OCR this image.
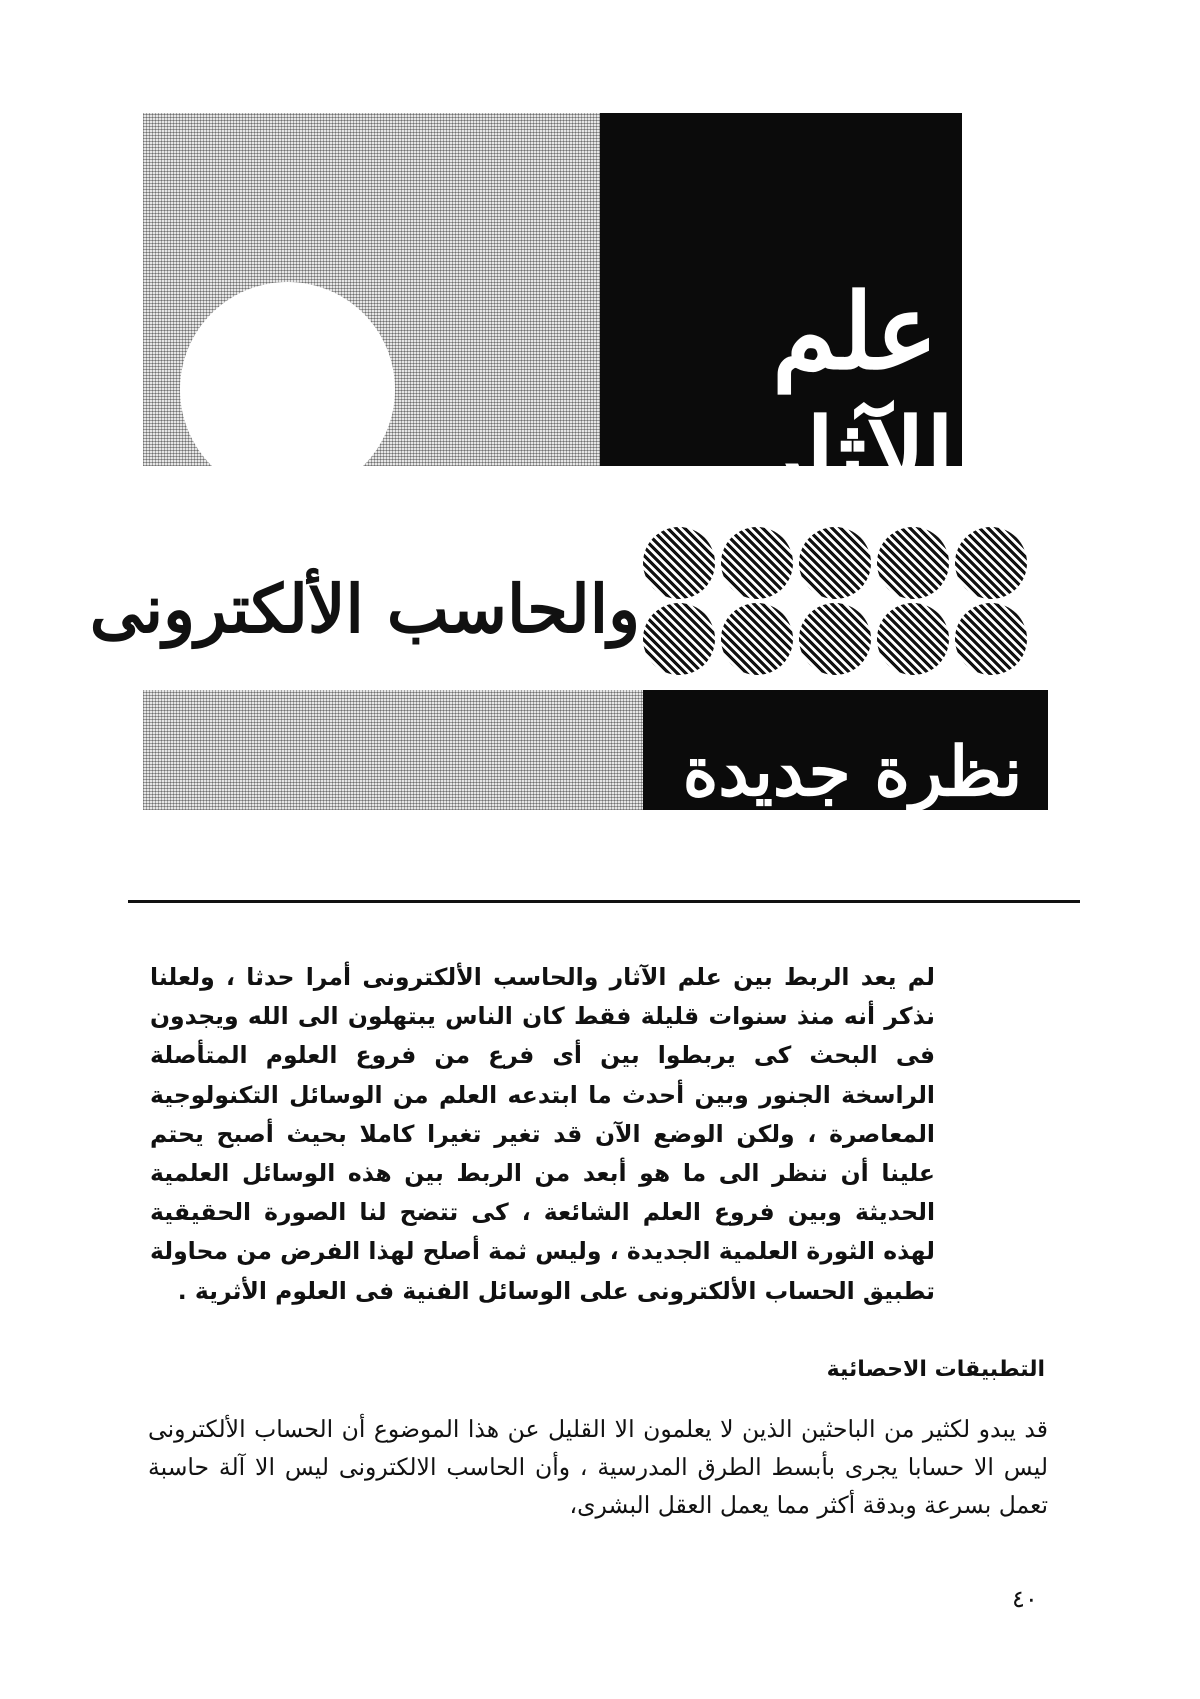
علم الآثار
والحاسب الألكترونى
نظرة جديدة

لم يعد الربط بين علم الآثار والحاسب الألكترونى أمرا حدثا ، ولعلنا نذكر أنه منذ سنوات قليلة فقط كان الناس يبتهلون الى الله ويجدون فى البحث كى يربطوا بين أى فرع من فروع العلوم المتأصلة الراسخة الجنور وبين أحدث ما ابتدعه العلم من الوسائل التكنولوجية المعاصرة ، ولكن الوضع الآن قد تغير تغيرا كاملا بحيث أصبح يحتم علينا أن ننظر الى ما هو أبعد من الربط بين هذه الوسائل العلمية الحديثة وبين فروع العلم الشائعة ، كى تتضح لنا الصورة الحقيقية لهذه الثورة العلمية الجديدة ، وليس ثمة أصلح لهذا الفرض من محاولة تطبيق الحساب الألكترونى على الوسائل الفنية فى العلوم الأثرية .

التطبيقات الاحصائية

قد يبدو لكثير من الباحثين الذين لا يعلمون الا القليل عن هذا الموضوع أن الحساب الألكترونى ليس الا حسابا يجرى بأبسط الطرق المدرسية ، وأن الحاسب الالكترونى ليس الا آلة حاسبة تعمل بسرعة وبدقة أكثر مما يعمل العقل البشرى،

٤٠
